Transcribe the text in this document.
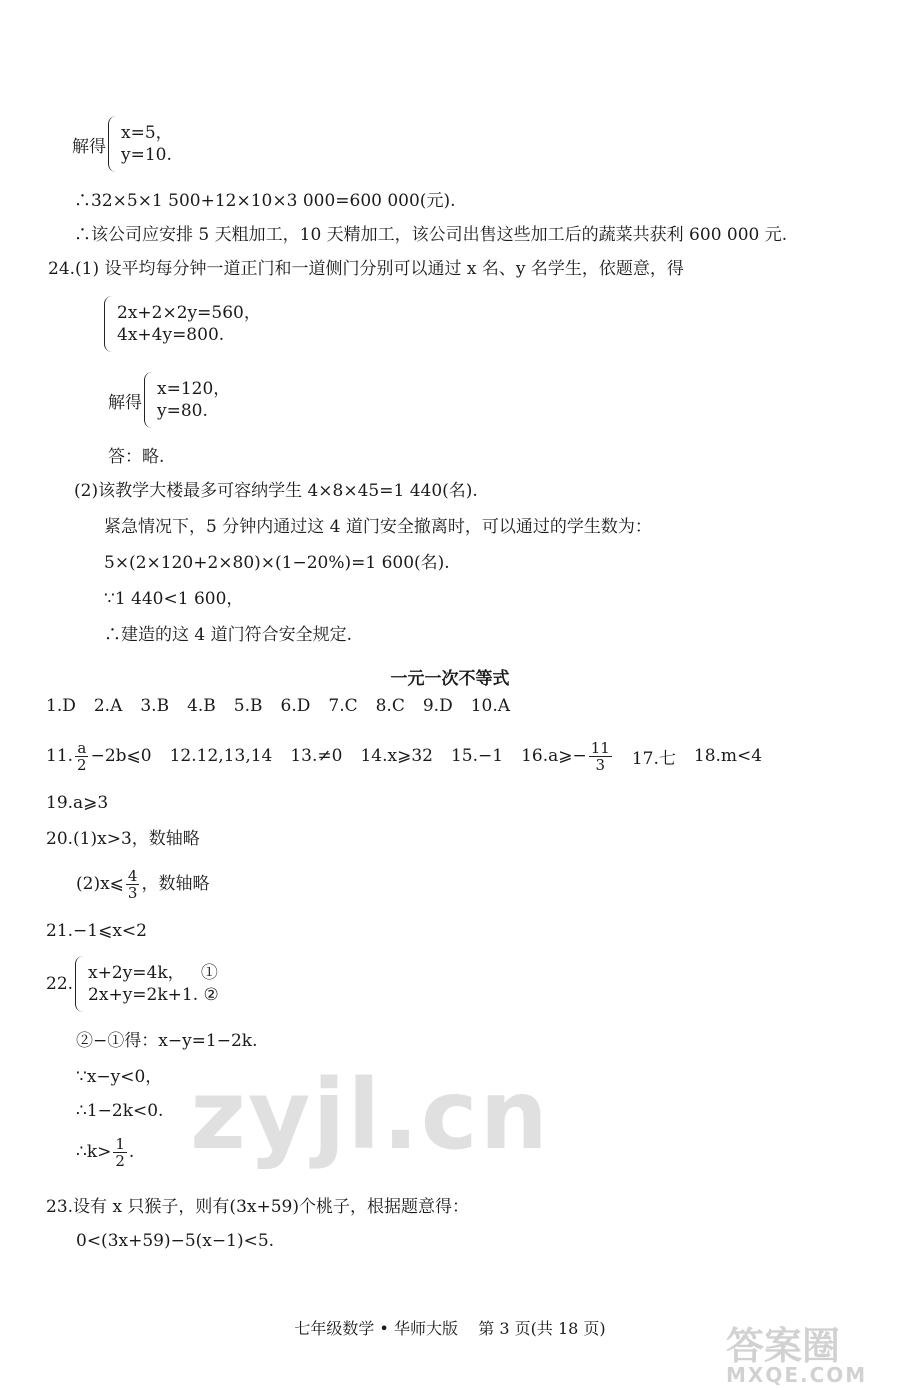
解得
x=5，
y=10.
∴32×5×1 500+12×10×3 000=600 000(元).
∴该公司应安排 5 天粗加工，10 天精加工，该公司出售这些加工后的蔬菜共获利 600 000 元.
24.(1) 设平均每分钟一道正门和一道侧门分别可以通过 x 名、y 名学生，依题意，得
2x+2×2y=560，
4x+4y=800.
解得
x=120，
y=80.
答：略.
(2)该教学大楼最多可容纳学生 4×8×45=1 440(名).
紧急情况下，5 分钟内通过这 4 道门安全撤离时，可以通过的学生数为：
5×(2×120+2×80)×(1−20%)=1 600(名).
∵1 440<1 600，
∴建造的这 4 道门符合安全规定.
一元一次不等式
1.D 2.A 3.B 4.B 5.B 6.D 7.C 8.C 9.D 10.A
11. $\frac{a}{2}$ −2b⩽0 12.12,13,14 13.≠0 14.x⩾32 15.−1 16.a⩾− $\frac{11}{3} 17$.七 18.m<4
19.a⩾3
20.(1)x>3，数轴略
(2)x⩽ $\frac{4}{3}$ ，数轴略
21.−1⩽x<2
22.
x+2y=4k，   ①
2x+y=2k+1. ②
②−①得：x−y=1−2k.
∵x−y<0，
∴1−2k<0.
∴k> $\frac{1}{2}$ .
23.设有 x 只猴子，则有(3x+59)个桃子，根据题意得：
0<(3x+59)−5(x−1)<5.
七年级数学 • 华师大版    第 3 页(共 18 页)
zyjl.cn
答案圈
MXQE.COM
